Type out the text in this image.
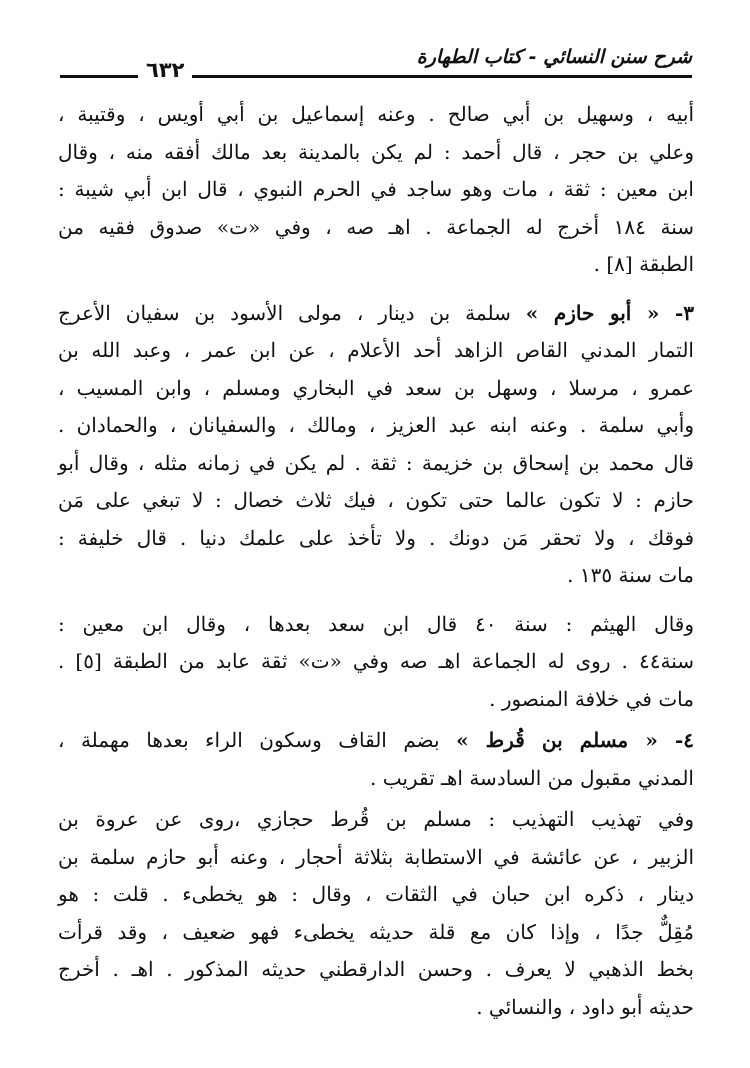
شرح سنن النسائي - كتاب الطهارة
٦٣٢

أبيه ، وسهيل بن أبي صالح . وعنه إسماعيل بن أبي أويس ، وقتيبة ،
وعلي بن حجر ، قال أحمد : لم يكن بالمدينة بعد مالك أفقه منه ، وقال
ابن معين : ثقة ، مات وهو ساجد في الحرم النبوي ، قال ابن أبي شيبة :
سنة ١٨٤ أخرج له الجماعة . اهـ صه ، وفي «ت» صدوق فقيه من
الطبقة [٨] .

٣- « أبو حازم » سلمة بن دينار ، مولى الأسود بن سفيان الأعرج
التمار المدني القاص الزاهد أحد الأعلام ، عن ابن عمر ، وعبد الله بن
عمرو ، مرسلا ، وسهل بن سعد في البخاري ومسلم ، وابن المسيب ،
وأبي سلمة . وعنه ابنه عبد العزيز ، ومالك ، والسفيانان ، والحمادان .
قال محمد بن إسحاق بن خزيمة : ثقة . لم يكن في زمانه مثله ، وقال أبو
حازم : لا تكون عالما حتى تكون ، فيك ثلاث خصال : لا تبغي على مَن
فوقك ، ولا تحقر مَن دونك . ولا تأخذ على علمك دنيا . قال خليفة :
مات سنة ١٣٥ .

وقال الهيثم : سنة ٤٠ قال ابن سعد بعدها ، وقال ابن معين :
سنة٤٤ . روى له الجماعة اهـ صه وفي «ت» ثقة عابد من الطبقة [٥] .
مات في خلافة المنصور .

٤- « مسلم بن قُرط » بضم القاف وسكون الراء بعدها مهملة ،
المدني مقبول من السادسة اهـ تقريب .

وفي تهذيب التهذيب : مسلم بن قُرط حجازي ،روى عن عروة بن
الزبير ، عن عائشة في الاستطابة بثلاثة أحجار ، وعنه أبو حازم سلمة بن
دينار ، ذكره ابن حبان في الثقات ، وقال : هو يخطىء . قلت : هو
مُقِلٌّ جدًا ، وإذا كان مع قلة حديثه يخطىء فهو ضعيف ، وقد قرأت
بخط الذهبي لا يعرف . وحسن الدارقطني حديثه المذكور . اهـ . أخرج
حديثه أبو داود ، والنسائي .
